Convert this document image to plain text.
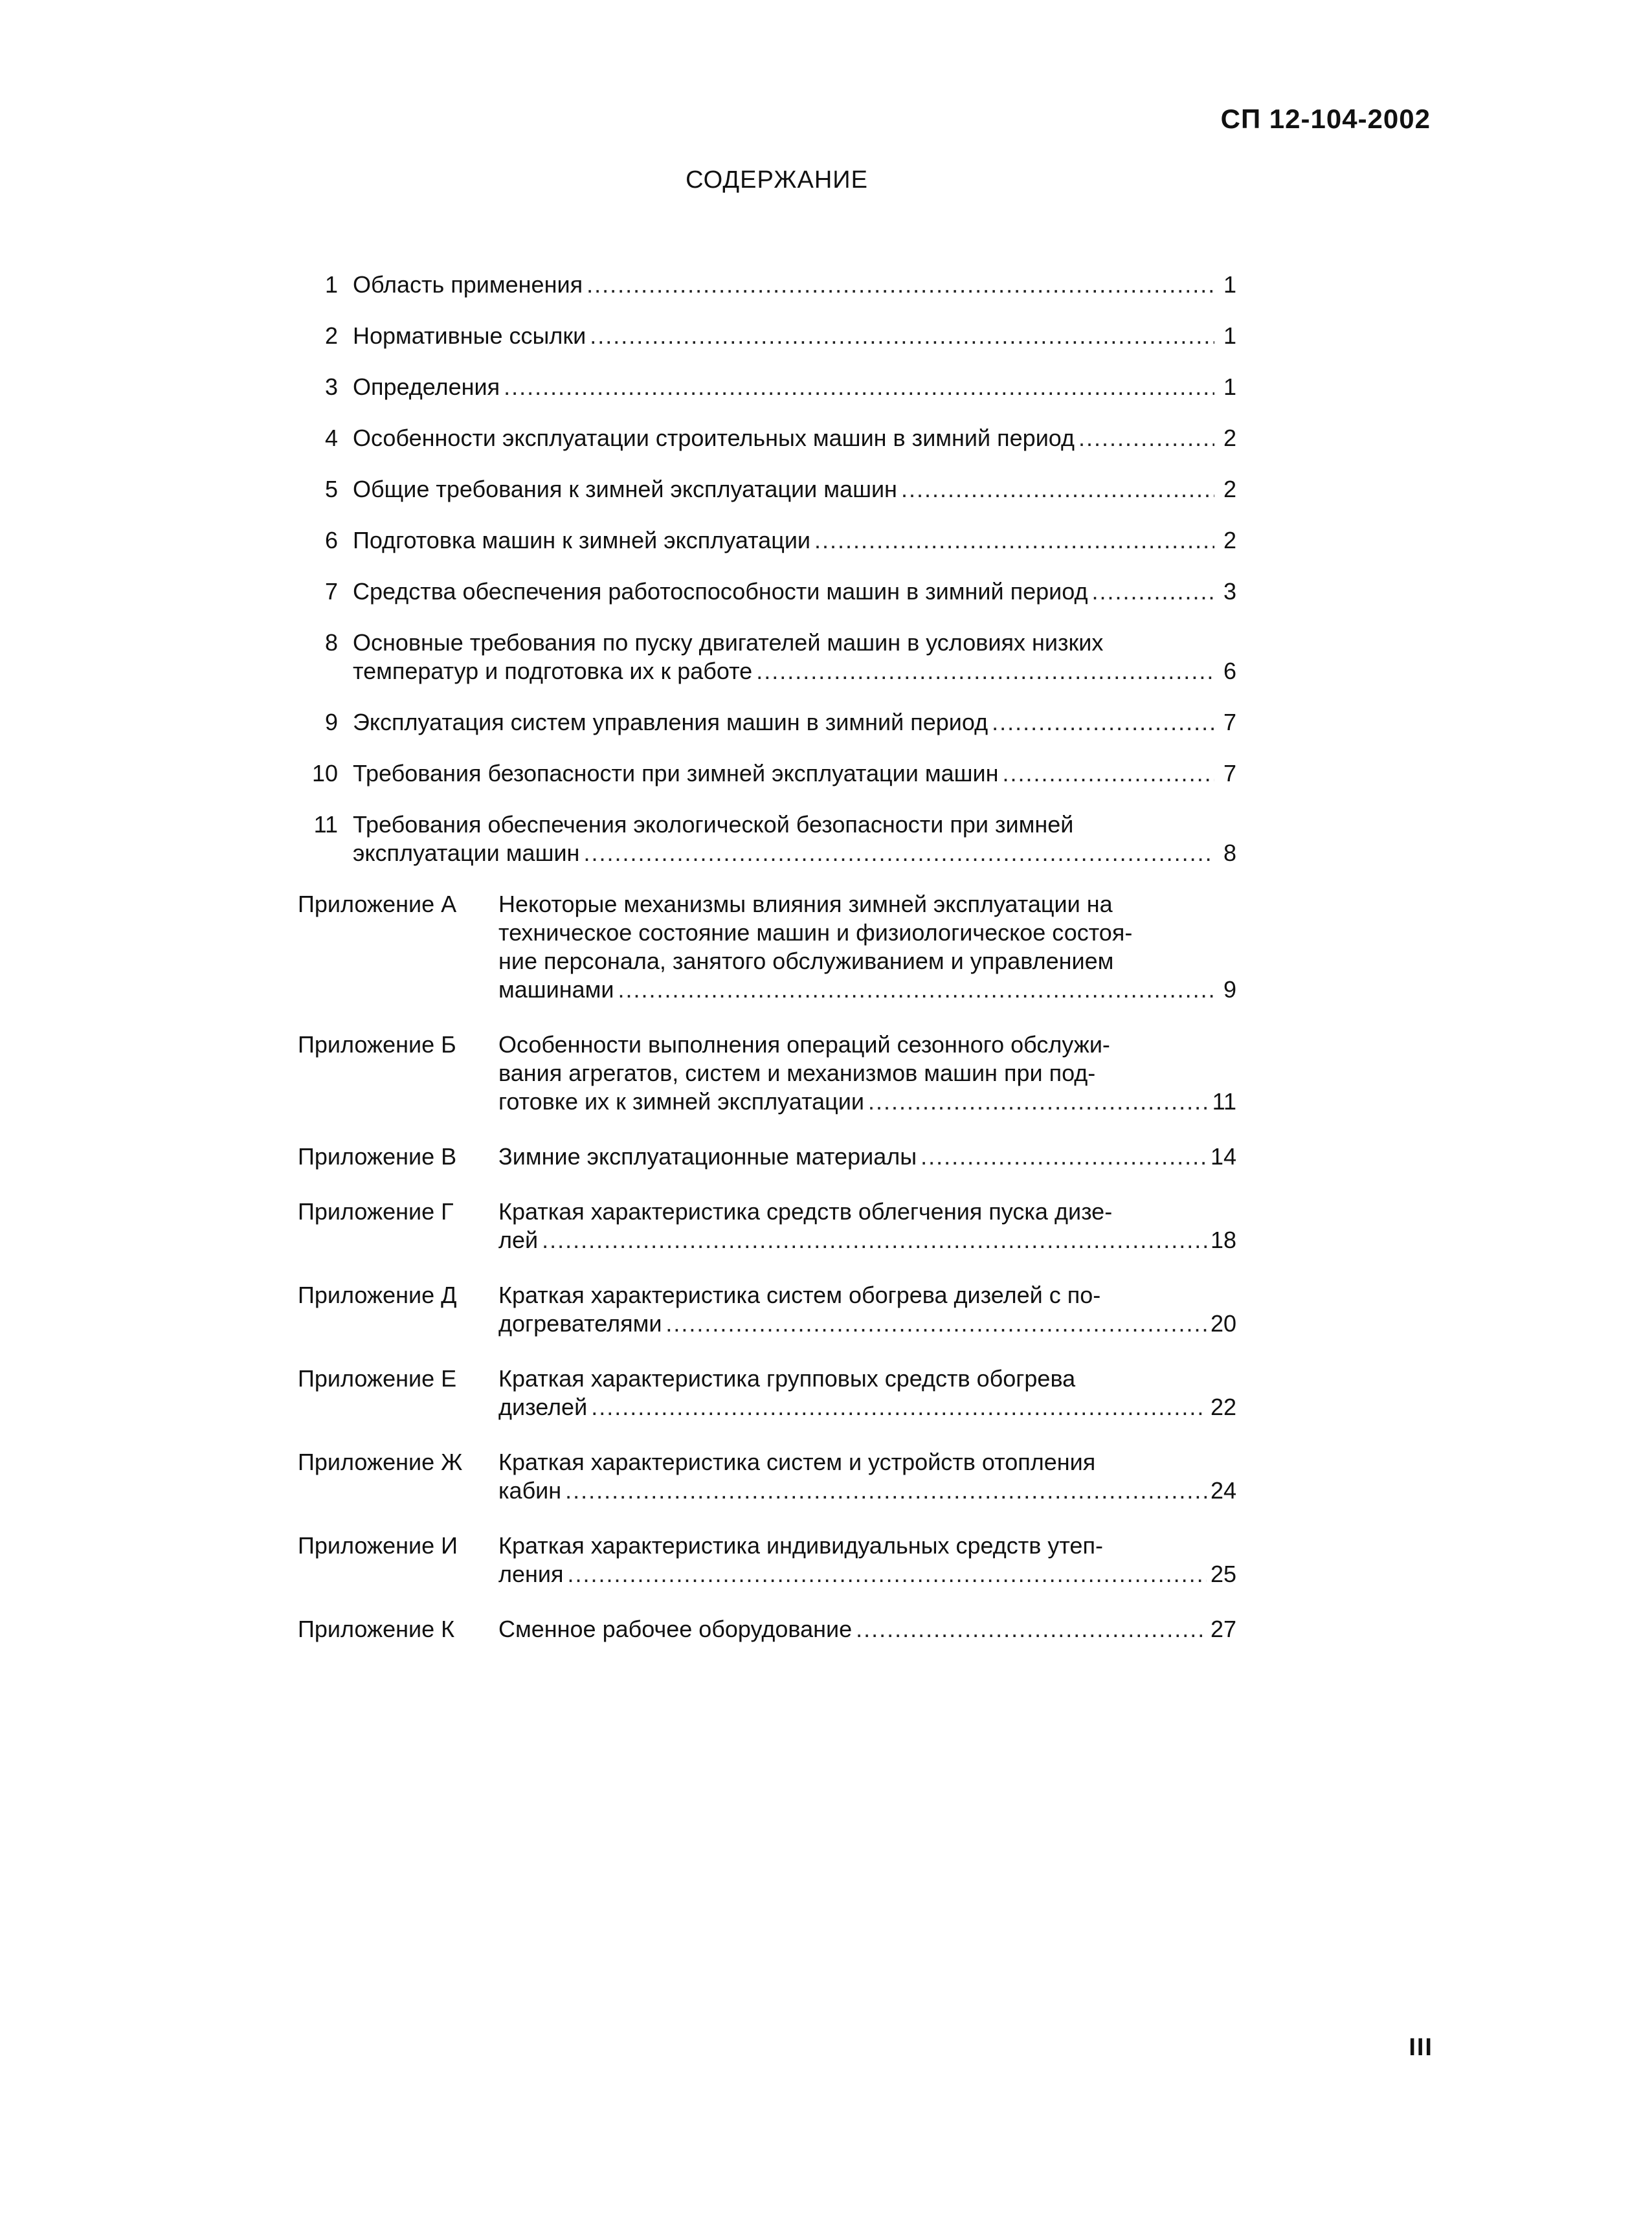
СП 12-104-2002
СОДЕРЖАНИЕ
1 Область применения .....	1
2 Нормативные ссылки .....	1
3 Определения .....	1
4 Особенности эксплуатации строительных машин в зимний период .....	2
5 Общие требования к зимней эксплуатации машин .....	2
6 Подготовка машин к зимней эксплуатации .....	2
7 Средства обеспечения работоспособности машин в зимний период .....	3
8 Основные требования по пуску двигателей машин в условиях низких
температур и подготовка их к работе .....	6
9 Эксплуатация систем управления машин в зимний период .....	7
10 Требования безопасности при зимней эксплуатации машин .....	7
11 Требования обеспечения экологической безопасности при зимней
эксплуатации машин .....	8
Приложение А Некоторые механизмы влияния зимней эксплуатации на
техническое состояние машин и физиологическое состоя-
ние персонала, занятого обслуживанием и управлением
машинами .....	9
Приложение Б Особенности выполнения операций сезонного обслужи-
вания агрегатов, систем и механизмов машин при под-
готовке их к зимней эксплуатации .....	11
Приложение В Зимние эксплуатационные материалы .....	14
Приложение Г Краткая характеристика средств облегчения пуска дизе-
лей .....	18
Приложение Д Краткая характеристика систем обогрева дизелей с по-
догревателями .....	20
Приложение Е Краткая характеристика групповых средств обогрева
дизелей .....	22
Приложение Ж Краткая характеристика систем и устройств отопления
кабин .....	24
Приложение И Краткая характеристика индивидуальных средств утеп-
ления .....	25
Приложение К Сменное рабочее оборудование .....	27
III
